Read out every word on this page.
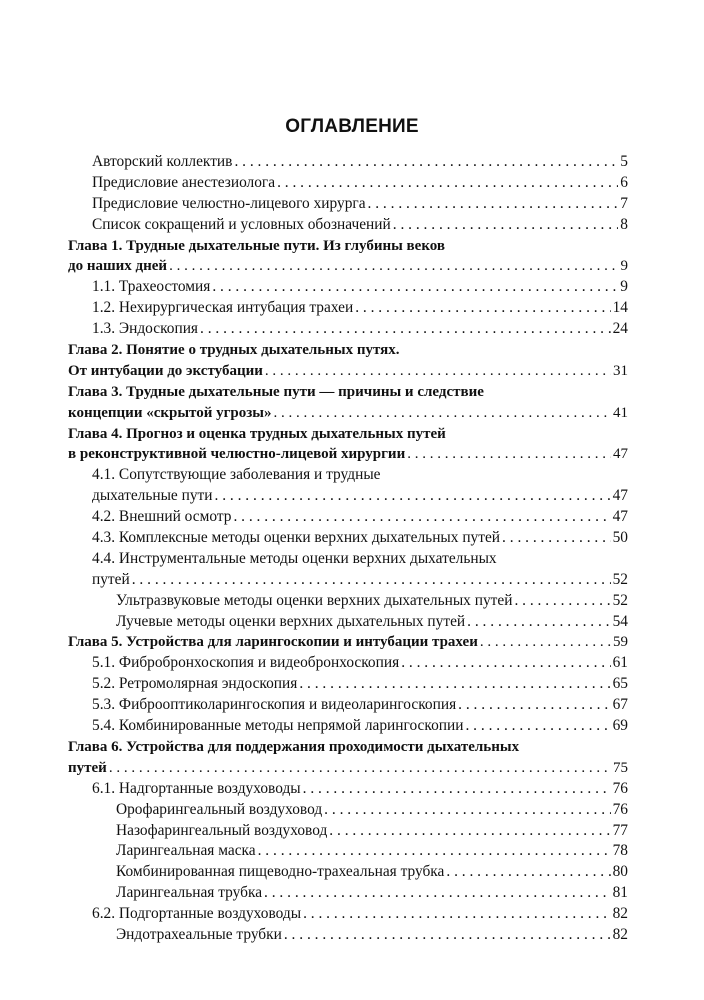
ОГЛАВЛЕНИЕ
Авторский коллектив . . .	5
Предисловие анестезиолога . . .	6
Предисловие челюстно-лицевого хирурга . . .	7
Список сокращений и условных обозначений . . .	8
Глава 1. Трудные дыхательные пути. Из глубины веков
до наших дней . . .	9
1.1. Трахеостомия . . .	9
1.2. Нехирургическая интубация трахеи . . .	14
1.3. Эндоскопия . . .	24
Глава 2. Понятие о трудных дыхательных путях.
От интубации до экстубации . . .	31
Глава 3. Трудные дыхательные пути — причины и следствие
концепции «скрытой угрозы» . . .	41
Глава 4. Прогноз и оценка трудных дыхательных путей
в реконструктивной челюстно-лицевой хирургии . . .	47
4.1. Сопутствующие заболевания и трудные
дыхательные пути . . .	47
4.2. Внешний осмотр . . .	47
4.3. Комплексные методы оценки верхних дыхательных путей . . .	50
4.4. Инструментальные методы оценки верхних дыхательных
путей . . .	52
Ультразвуковые методы оценки верхних дыхательных путей . . .	52
Лучевые методы оценки верхних дыхательных путей . . .	54
Глава 5. Устройства для ларингоскопии и интубации трахеи . . .	59
5.1. Фибробронхоскопия и видеобронхоскопия . . .	61
5.2. Ретромолярная эндоскопия . . .	65
5.3. Фиброоптиколарингоскопия и видеоларингоскопия . . .	67
5.4. Комбинированные методы непрямой ларингоскопии . . .	69
Глава 6. Устройства для поддержания проходимости дыхательных
путей . . .	75
6.1. Надгортанные воздуховоды . . .	76
Орофарингеальный воздуховод . . .	76
Назофарингеальный воздуховод . . .	77
Ларингеальная маска . . .	78
Комбинированная пищеводно-трахеальная трубка . . .	80
Ларингеальная трубка . . .	81
6.2. Подгортанные воздуховоды . . .	82
Эндотрахеальные трубки . . .	82
